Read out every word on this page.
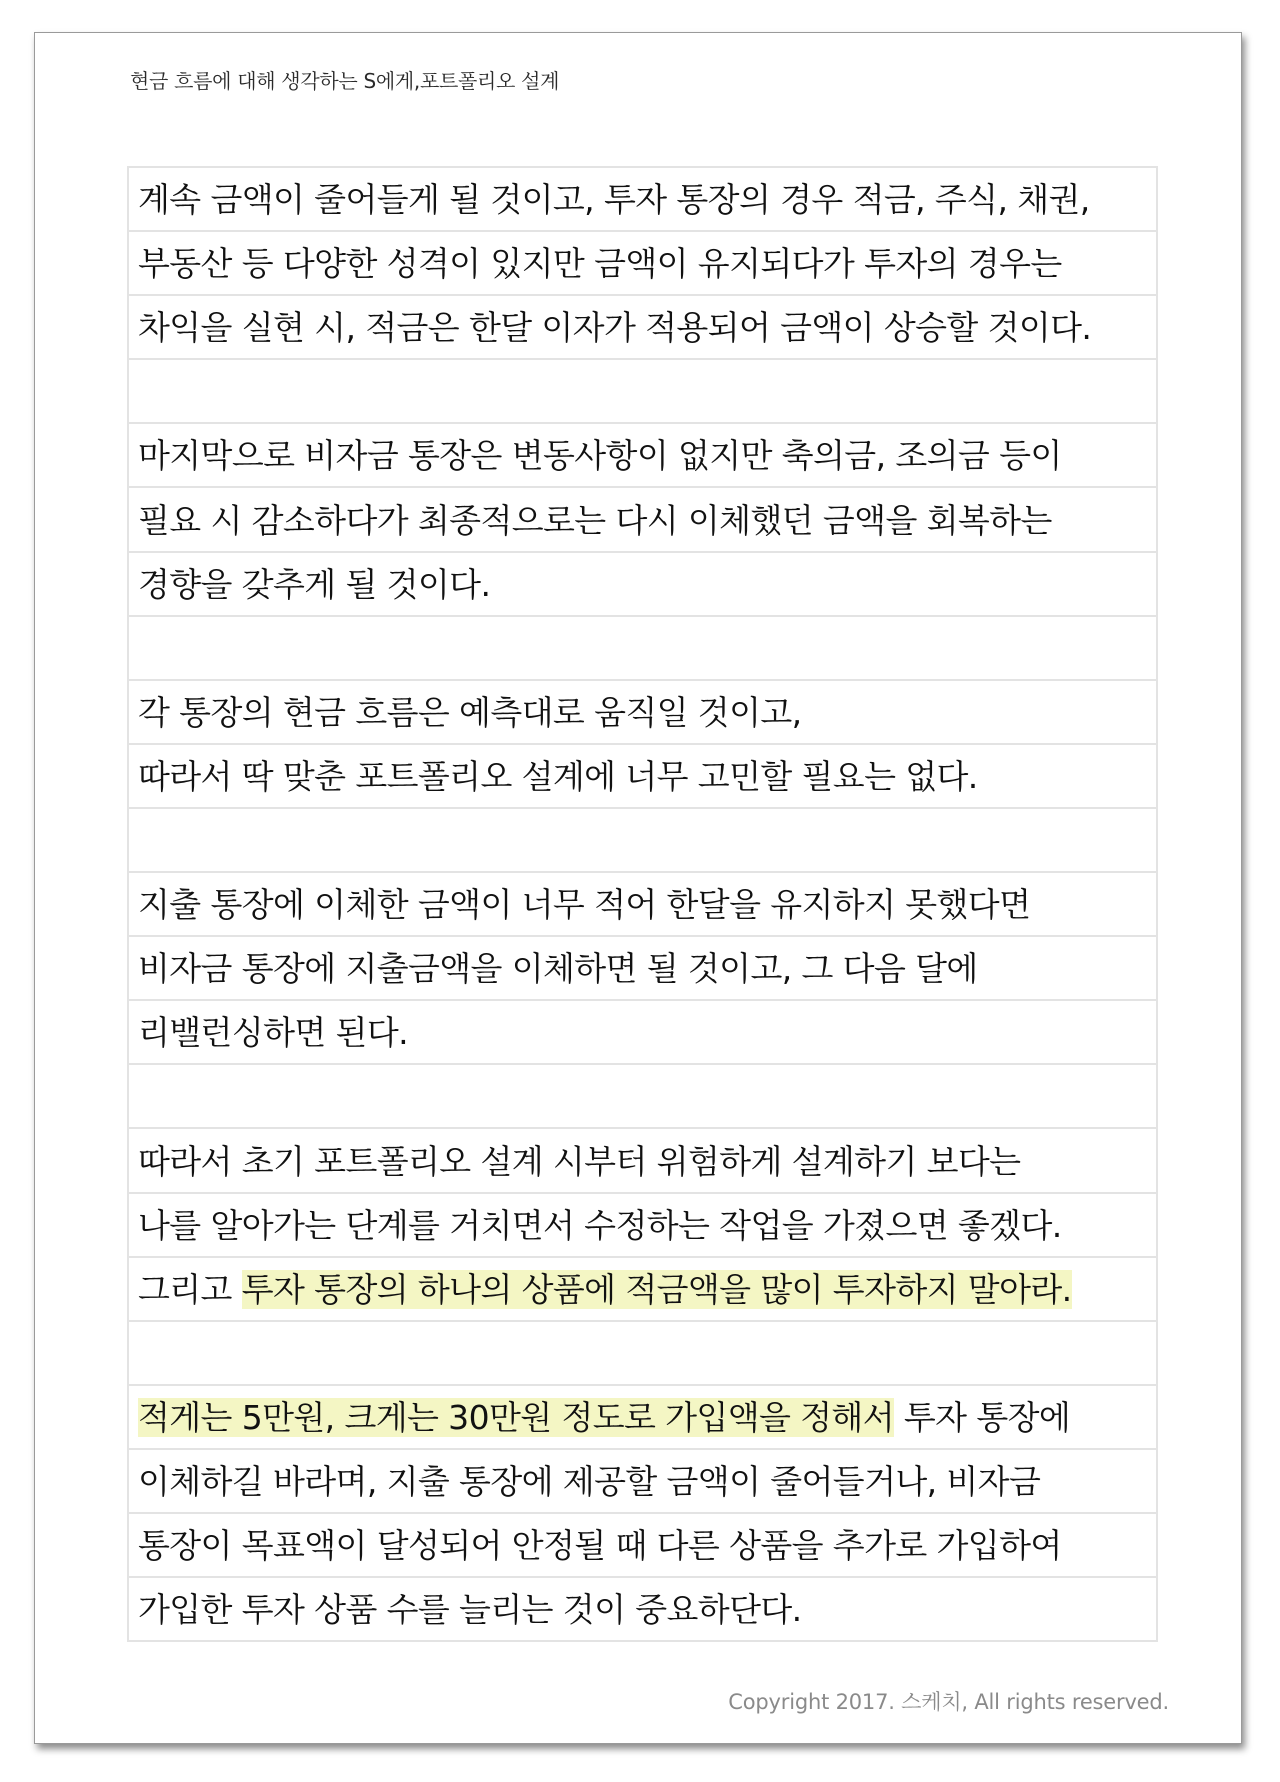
현금 흐름에 대해 생각하는 S에게,포트폴리오 설계
계속 금액이 줄어들게 될 것이고, 투자 통장의 경우 적금, 주식, 채권,
부동산 등 다양한 성격이 있지만 금액이 유지되다가 투자의 경우는
차익을 실현 시, 적금은 한달 이자가 적용되어 금액이 상승할 것이다.
마지막으로 비자금 통장은 변동사항이 없지만 축의금, 조의금 등이
필요 시 감소하다가 최종적으로는 다시 이체했던 금액을 회복하는
경향을 갖추게 될 것이다.
각 통장의 현금 흐름은 예측대로 움직일 것이고,
따라서 딱 맞춘 포트폴리오 설계에 너무 고민할 필요는 없다.
지출 통장에 이체한 금액이 너무 적어 한달을 유지하지 못했다면
비자금 통장에 지출금액을 이체하면 될 것이고, 그 다음 달에
리밸런싱하면 된다.
따라서 초기 포트폴리오 설계 시부터 위험하게 설계하기 보다는
나를 알아가는 단계를 거치면서 수정하는 작업을 가졌으면 좋겠다.
그리고 투자 통장의 하나의 상품에 적금액을 많이 투자하지 말아라.
적게는 5만원, 크게는 30만원 정도로 가입액을 정해서 투자 통장에
이체하길 바라며, 지출 통장에 제공할 금액이 줄어들거나, 비자금
통장이 목표액이 달성되어 안정될 때 다른 상품을 추가로 가입하여
가입한 투자 상품 수를 늘리는 것이 중요하단다.
Copyright 2017. 스케치, All rights reserved.
